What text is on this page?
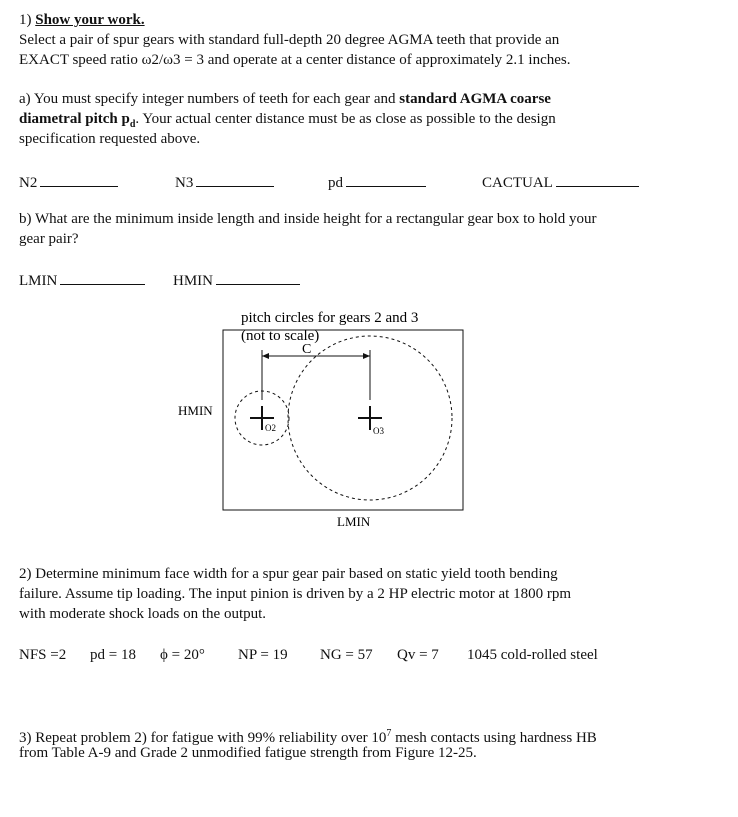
1) Show your work.
Select a pair of spur gears with standard full-depth 20 degree AGMA teeth that provide an
EXACT speed ratio ω2/ω3 = 3 and operate at a center distance of approximately 2.1 inches.
a) You must specify integer numbers of teeth for each gear and standard AGMA coarse
diametral pitch $p_d$. Your actual center distance must be as close as possible to the design
specification requested above.
N2	N3	pd	CACTUAL
b) What are the minimum inside length and inside height for a rectangular gear box to hold your
gear pair?
LMIN	HMIN
pitch circles for gears 2 and 3
(not to scale)
C
O2	O3
HMIN
LMIN
2) Determine minimum face width for a spur gear pair based on static yield tooth bending
failure. Assume tip loading. The input pinion is driven by a 2 HP electric motor at 1800 rpm
with moderate shock loads on the output.
NFS =2 pd = 18 ϕ = 20° NP = 19 NG = 57 Qv = 7 1045 cold-rolled steel
3) Repeat problem 2) for fatigue with 99% reliability over $10^7$ mesh contacts using hardness HB
from Table A-9 and Grade 2 unmodified fatigue strength from Figure 12-25.
